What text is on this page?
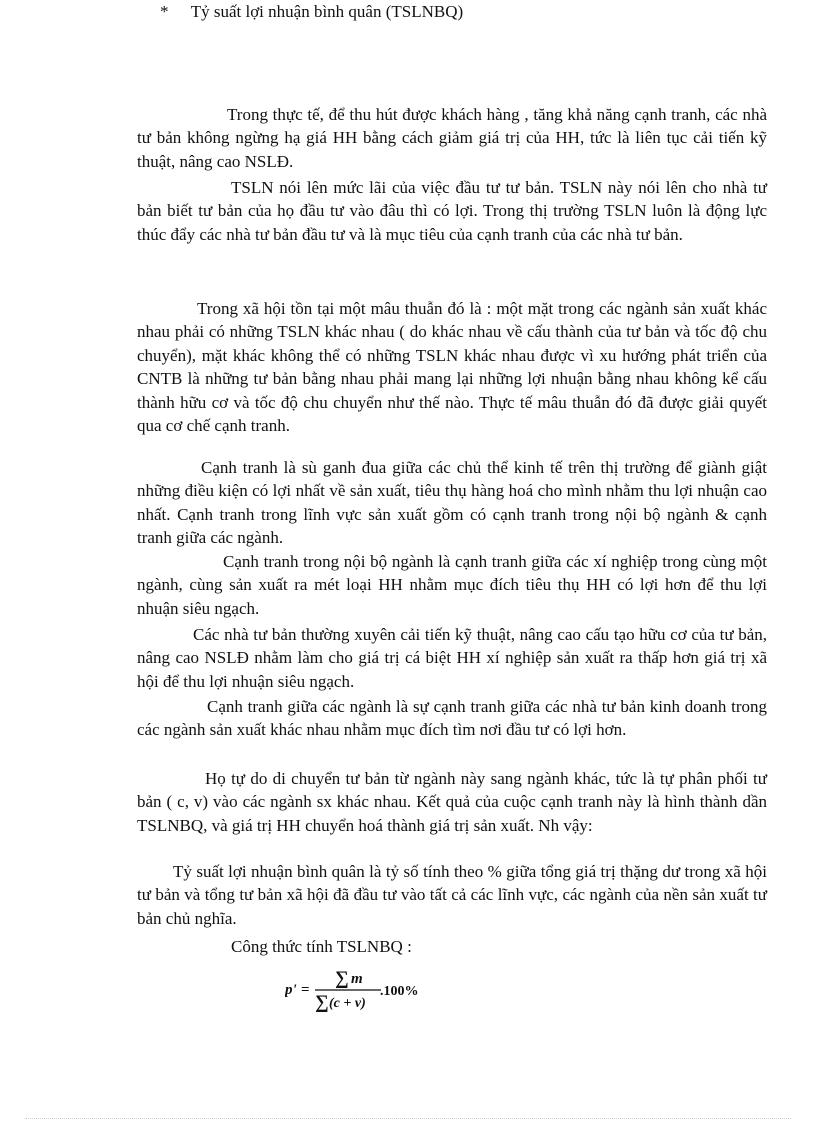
Trong thực tế, để thu hút được khách hàng , tăng khả năng cạnh tranh, các nhà tư bản không ngừng hạ giá HH bằng cách giảm giá trị của HH, tức là liên tục cải tiến kỹ thuật, nâng cao NSLĐ.

TSLN nói lên mức lãi của việc đầu tư tư bản. TSLN này nói lên cho nhà tư bản biết tư bản của họ đầu tư vào đâu thì có lợi. Trong thị trường TSLN luôn là động lực thúc đẩy các nhà tư bản đầu tư và là mục tiêu của cạnh tranh của các nhà tư bản.

* Tỷ suất lợi nhuận bình quân (TSLNBQ)

Trong xã hội tồn tại một mâu thuẫn đó là : một mặt trong các ngành sản xuất khác nhau phải có những TSLN khác nhau ( do khác nhau về cấu thành của tư bản và tốc độ chu chuyển), mặt khác không thể có những TSLN khác nhau được vì xu hướng phát triển của CNTB là những tư bản bằng nhau phải mang lại những lợi nhuận bằng nhau không kể cấu thành hữu cơ và tốc độ chu chuyển như thế nào. Thực tế mâu thuẫn đó đã được giải quyết qua cơ chế cạnh tranh.

Cạnh tranh là sù ganh đua giữa các chủ thể kinh tế trên thị trường để giành giật những điều kiện có lợi nhất về sản xuất, tiêu thụ hàng hoá cho mình nhằm thu lợi nhuận cao nhất. Cạnh tranh trong lĩnh vực sản xuất gồm có cạnh tranh trong nội bộ ngành & cạnh tranh giữa các ngành.

Cạnh tranh trong nội bộ ngành là cạnh tranh giữa các xí nghiệp trong cùng một ngành, cùng sản xuất ra mét loại HH nhằm mục đích tiêu thụ HH có lợi hơn để thu lợi nhuận siêu ngạch.

Các nhà tư bản thường xuyên cải tiến kỹ thuật, nâng cao cấu tạo hữu cơ của tư bản, nâng cao NSLĐ nhằm làm cho giá trị cá biệt HH xí nghiệp sản xuất ra thấp hơn giá trị xã hội để thu lợi nhuận siêu ngạch.

Cạnh tranh giữa các ngành là sự cạnh tranh giữa các nhà tư bản kinh doanh trong các ngành sản xuất khác nhau nhằm mục đích tìm nơi đầu tư có lợi hơn.

Họ tự do di chuyển tư bản từ ngành này sang ngành khác, tức là tự phân phối tư bản ( c, v) vào các ngành sx khác nhau. Kết quả của cuộc cạnh tranh này là hình thành dần TSLNBQ, và giá trị HH chuyển hoá thành giá trị sản xuất. Nh vậy:

Tỷ suất lợi nhuận bình quân là tỷ số tính theo % giữa tổng giá trị thặng dư trong xã hội tư bản và tổng tư bản xã hội đã đầu tư vào tất cả các lĩnh vực, các ngành của nền sản xuất tư bản chủ nghĩa.

Công thức tính TSLNBQ :

p' =
∑ m
∑ (c + v)
.100%
